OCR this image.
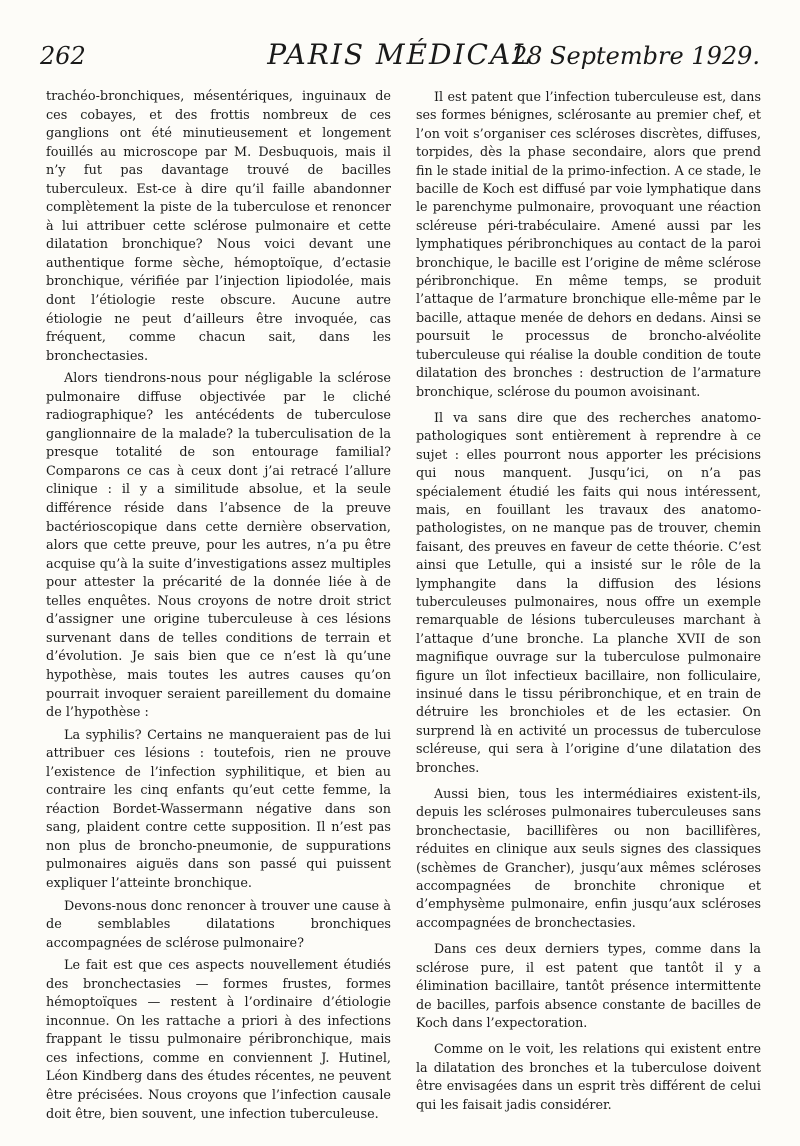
262	PARIS MÉDICAL
28 Septembre 1929.

trachéo-bronchiques, mésentériques, inguinaux de ces cobayes, et des frottis nombreux de ces ganglions ont été minutieusement et longement fouillés au microscope par M. Desbuquois, mais il n’y fut pas davantage trouvé de bacilles tuberculeux. Est-ce à dire qu’il faille abandonner complètement la piste de la tuberculose et renoncer à lui attribuer cette sclérose pulmonaire et cette dilatation bronchique? Nous voici devant une authentique forme sèche, hémoptoïque, d’ectasie bronchique, vérifiée par l’injection lipiodolée, mais dont l’étiologie reste obscure. Aucune autre étiologie ne peut d’ailleurs être invoquée, cas fréquent, comme chacun sait, dans les bronchectasies.

Alors tiendrons-nous pour négligable la sclérose pulmonaire diffuse objectivée par le cliché radiographique? les antécédents de tuberculose ganglionnaire de la malade? la tuberculisation de la presque totalité de son entourage familial? Comparons ce cas à ceux dont j’ai retracé l’allure clinique : il y a similitude absolue, et la seule différence réside dans l’absence de la preuve bactérioscopique dans cette dernière observation, alors que cette preuve, pour les autres, n’a pu être acquise qu’à la suite d’investigations assez multiples pour attester la précarité de la donnée liée à de telles enquêtes. Nous croyons de notre droit strict d’assigner une origine tuberculeuse à ces lésions survenant dans de telles conditions de terrain et d’évolution. Je sais bien que ce n’est là qu’une hypothèse, mais toutes les autres causes qu’on pourrait invoquer seraient pareillement du domaine de l’hypothèse :

La syphilis? Certains ne manqueraient pas de lui attribuer ces lésions : toutefois, rien ne prouve l’existence de l’infection syphilitique, et bien au contraire les cinq enfants qu’eut cette femme, la réaction Bordet-Wassermann négative dans son sang, plaident contre cette supposition. Il n’est pas non plus de broncho-pneumonie, de suppurations pulmonaires aiguës dans son passé qui puissent expliquer l’atteinte bronchique.

Devons-nous donc renoncer à trouver une cause à de semblables dilatations bronchiques accompagnées de sclérose pulmonaire?

Le fait est que ces aspects nouvellement étudiés des bronchectasies — formes frustes, formes hémoptoïques — restent à l’ordinaire d’étiologie inconnue. On les rattache a priori à des infections frappant le tissu pulmonaire péribronchique, mais ces infections, comme en conviennent J. Hutinel, Léon Kindberg dans des études récentes, ne peuvent être précisées. Nous croyons que l’infection causale doit être, bien souvent, une infection tuberculeuse.

Il est patent que l’infection tuberculeuse est, dans ses formes bénignes, sclérosante au premier chef, et l’on voit s’organiser ces scléroses discrètes, diffuses, torpides, dès la phase secondaire, alors que prend fin le stade initial de la primo-infection. A ce stade, le bacille de Koch est diffusé par voie lymphatique dans le parenchyme pulmonaire, provoquant une réaction scléreuse péri-trabéculaire. Amené aussi par les lymphatiques péribronchiques au contact de la paroi bronchique, le bacille est l’origine de même sclérose péribronchique. En même temps, se produit l’attaque de l’armature bronchique elle-même par le bacille, attaque menée de dehors en dedans. Ainsi se poursuit le processus de broncho-alvéolite tuberculeuse qui réalise la double condition de toute dilatation des bronches : destruction de l’armature bronchique, sclérose du poumon avoisinant.

Il va sans dire que des recherches anatomo-pathologiques sont entièrement à reprendre à ce sujet : elles pourront nous apporter les précisions qui nous manquent. Jusqu’ici, on n’a pas spécialement étudié les faits qui nous intéressent, mais, en fouillant les travaux des anatomo-pathologistes, on ne manque pas de trouver, chemin faisant, des preuves en faveur de cette théorie. C’est ainsi que Letulle, qui a insisté sur le rôle de la lymphangite dans la diffusion des lésions tuberculeuses pulmonaires, nous offre un exemple remarquable de lésions tuberculeuses marchant à l’attaque d’une bronche. La planche XVII de son magnifique ouvrage sur la tuberculose pulmonaire figure un îlot infectieux bacillaire, non folliculaire, insinué dans le tissu péribronchique, et en train de détruire les bronchioles et de les ectasier. On surprend là en activité un processus de tuberculose scléreuse, qui sera à l’origine d’une dilatation des bronches.

Aussi bien, tous les intermédiaires existent-ils, depuis les scléroses pulmonaires tuberculeuses sans bronchectasie, bacillifères ou non bacillifères, réduites en clinique aux seuls signes des classiques (schèmes de Grancher), jusqu’aux mêmes scléroses accompagnées de bronchite chronique et d’emphysème pulmonaire, enfin jusqu’aux scléroses accompagnées de bronchectasies.

Dans ces deux derniers types, comme dans la sclérose pure, il est patent que tantôt il y a élimination bacillaire, tantôt présence intermittente de bacilles, parfois absence constante de bacilles de Koch dans l’expectoration.

Comme on le voit, les relations qui existent entre la dilatation des bronches et la tuberculose doivent être envisagées dans un esprit très différent de celui qui les faisait jadis considérer.
